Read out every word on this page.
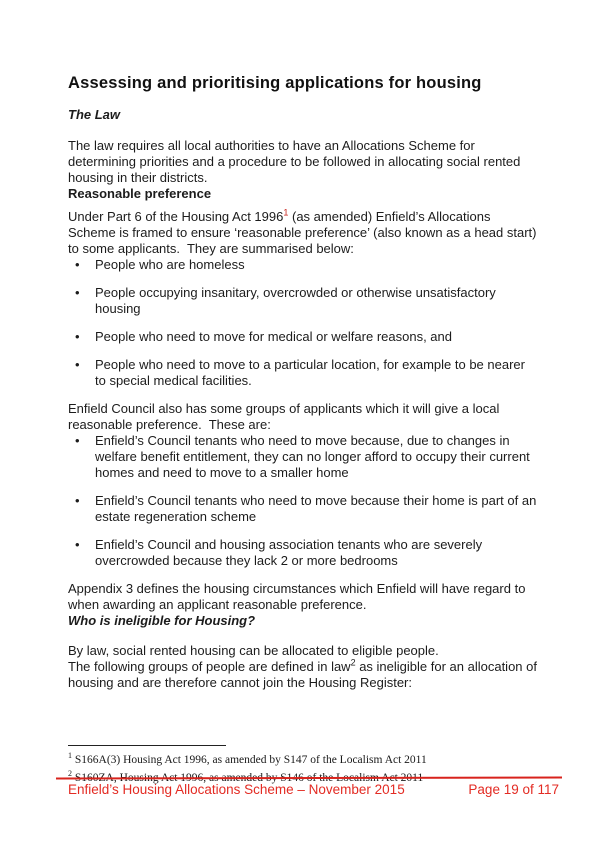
Assessing and prioritising applications for housing
The Law

The law requires all local authorities to have an Allocations Scheme for determining priorities and a procedure to be followed in allocating social rented housing in their districts.

Reasonable preference

Under Part 6 of the Housing Act 1996$^1$ (as amended) Enfield’s Allocations Scheme is framed to ensure ‘reasonable preference’ (also known as a head start) to some applicants.  They are summarised below:

•
People who are homeless
•
People occupying insanitary, overcrowded or otherwise unsatisfactory housing
•
People who need to move for medical or welfare reasons, and
•
People who need to move to a particular location, for example to be nearer to special medical facilities.

Enfield Council also has some groups of applicants which it will give a local reasonable preference.  These are:

•
Enfield’s Council tenants who need to move because, due to changes in welfare benefit entitlement, they can no longer afford to occupy their current homes and need to move to a smaller home
•
Enfield’s Council tenants who need to move because their home is part of an estate regeneration scheme
•
Enfield’s Council and housing association tenants who are severely overcrowded because they lack 2 or more bedrooms

Appendix 3 defines the housing circumstances which Enfield will have regard to when awarding an applicant reasonable preference.

Who is ineligible for Housing?

By law, social rented housing can be allocated to eligible people.

The following groups of people are defined in law$^2$ as ineligible for an allocation of housing and are therefore cannot join the Housing Register:

$^1$ S166A(3) Housing Act 1996, as amended by S147 of the Localism Act 2011

$^2$ S160ZA, Housing Act 1996, as amended by S146 of the Localism Act 2011

Enfield’s Housing Allocations Scheme – November 2015	Page 19 of 117
